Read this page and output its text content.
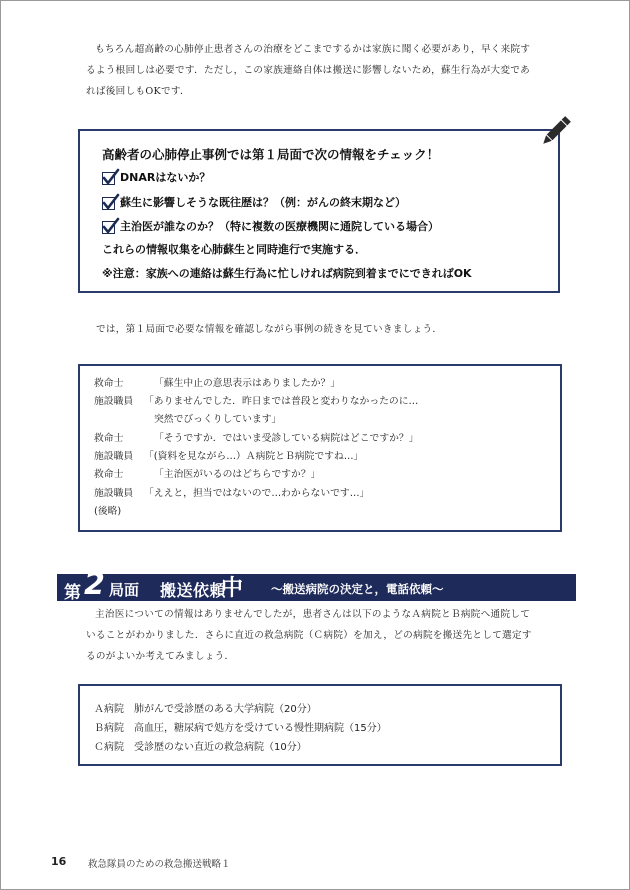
もちろん超高齢の心肺停止患者さんの治療をどこまでするかは家族に聞く必要があり，早く来院す
るよう根回しは必要です．ただし，この家族連絡自体は搬送に影響しないため，蘇生行為が大変であ
れば後回しもOKです．
高齢者の心肺停止事例では第１局面で次の情報をチェック！
DNARはないか？
蘇生に影響しそうな既往歴は？（例：がんの終末期など）
主治医が誰なのか？（特に複数の医療機関に通院している場合）
これらの情報収集を心肺蘇生と同時進行で実施する．
※注意：家族への連絡は蘇生行為に忙しければ病院到着までにできればOK
では，第１局面で必要な情報を確認しながら事例の続きを見ていきましょう．
救命士	「蘇生中止の意思表示はありましたか？」
施設職員 「ありませんでした．昨日までは普段と変わりなかったのに…
突然でびっくりしています」
救命士	「そうですか．ではいま受診している病院はどこですか？」
施設職員 「(資料を見ながら…）Ａ病院とＢ病院ですね…」
救命士	「主治医がいるのはどちらですか？」
施設職員 「ええと，担当ではないので…わからないです…」
(後略)
第 2 局面 搬送依頼
中 ～搬送病院の決定と，電話依頼～
主治医についての情報はありませんでしたが，患者さんは以下のようなＡ病院とＢ病院へ通院して
いることがわかりました．さらに直近の救急病院（Ｃ病院）を加え，どの病院を搬送先として選定す
るのがよいか考えてみましょう．
Ａ病院　 肺がんで受診歴のある大学病院（20分）
Ｂ病院　 高血圧，糖尿病で処方を受けている慢性期病院（15分）
Ｃ病院　 受診歴のない直近の救急病院（10分）
16 救急隊員のための救急搬送戦略１
